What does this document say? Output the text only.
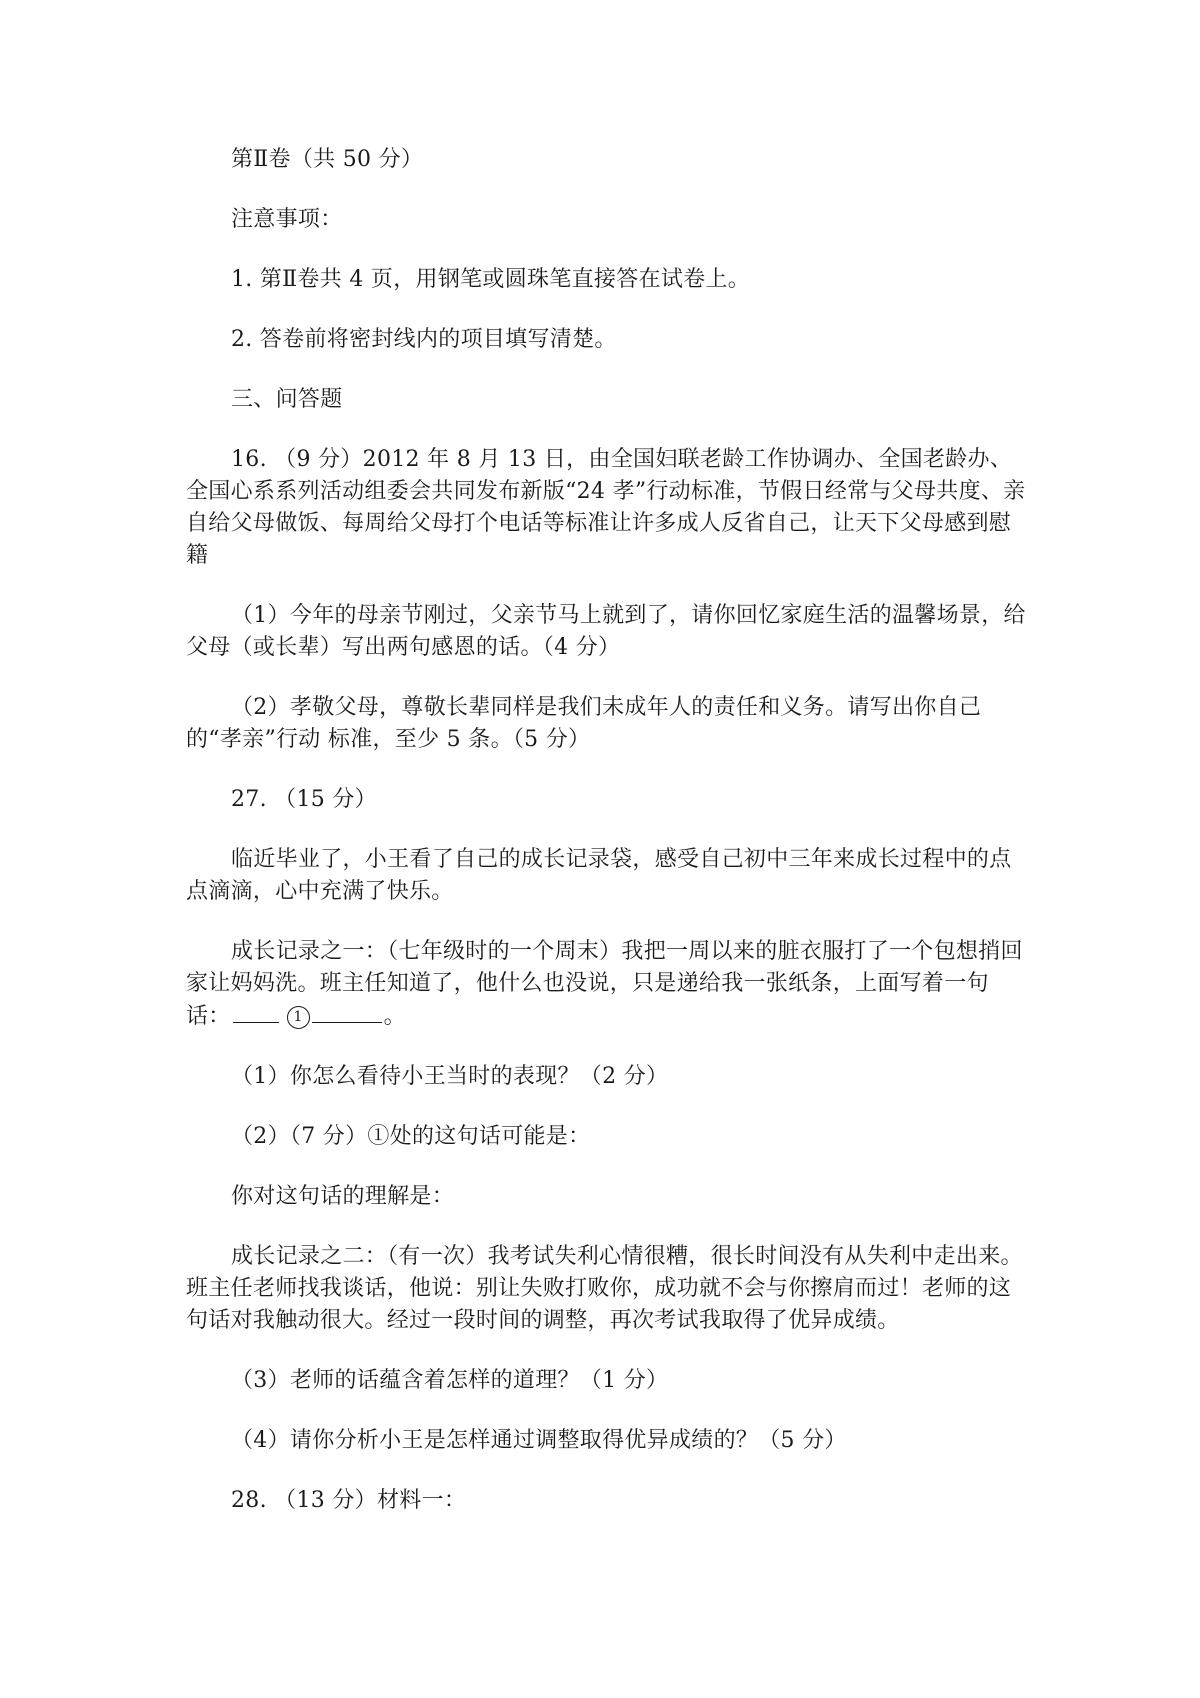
第Ⅱ卷（共 50 分）

注意事项：

1. 第Ⅱ卷共 4 页，用钢笔或圆珠笔直接答在试卷上。

2. 答卷前将密封线内的项目填写清楚。

三、问答题

16. （9 分）2012 年 8 月 13 日，由全国妇联老龄工作协调办、全国老龄办、全国心系系列活动组委会共同发布新版“24 孝”行动标准，节假日经常与父母共度、亲自给父母做饭、每周给父母打个电话等标准让许多成人反省自己，让天下父母感到慰籍

（1）今年的母亲节刚过，父亲节马上就到了，请你回忆家庭生活的温馨场景，给父母（或长辈）写出两句感恩的话。（4 分）

（2）孝敬父母，尊敬长辈同样是我们未成年人的责任和义务。请写出你自己的“孝亲”行动 标准，至少 5 条。（5 分）

27. （15 分）

临近毕业了，小王看了自己的成长记录袋，感受自己初中三年来成长过程中的点点滴滴，心中充满了快乐。

成长记录之一：（七年级时的一个周末）我把一周以来的脏衣服打了一个包想捎回家让妈妈洗。班主任知道了，他什么也没说，只是递给我一张纸条，上面写着一句话：	1	。

（1）你怎么看待小王当时的表现？（2 分）

（2）（7 分）①处的这句话可能是：

你对这句话的理解是：

成长记录之二：（有一次）我考试失利心情很糟，很长时间没有从失利中走出来。班主任老师找我谈话，他说：别让失败打败你，成功就不会与你擦肩而过！老师的这句话对我触动很大。经过一段时间的调整，再次考试我取得了优异成绩。

（3）老师的话蕴含着怎样的道理？（1 分）

（4）请你分析小王是怎样通过调整取得优异成绩的？（5 分）

28. （13 分）材料一：
